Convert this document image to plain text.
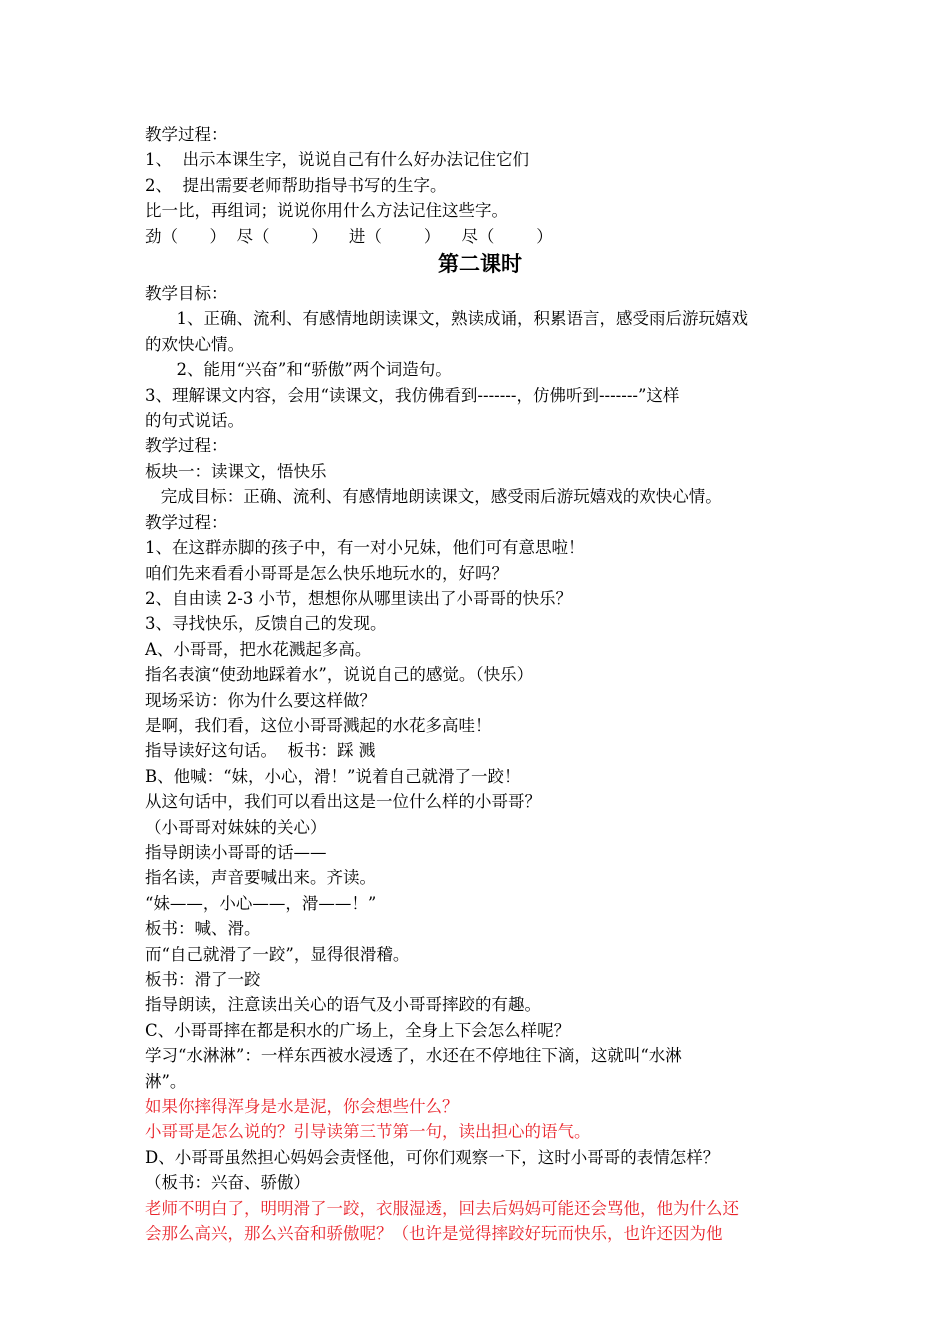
教学过程：
1、  出示本课生字，说说自己有什么好办法记住它们
2、  提出需要老师帮助指导书写的生字。
比一比，再组词；说说你用什么方法记住这些字。
劲（      ）  尽（        ）    进（        ）    尽（        ）
第二课时
教学目标：
1、正确、流利、有感情地朗读课文，熟读成诵，积累语言，感受雨后游玩嬉戏
的欢快心情。
2、能用“兴奋”和“骄傲”两个词造句。
3、理解课文内容，会用“读课文，我仿佛看到-------，仿佛听到-------”这样
的句式说话。
教学过程：
板块一：读课文，悟快乐
完成目标：正确、流利、有感情地朗读课文，感受雨后游玩嬉戏的欢快心情。
教学过程：
1、在这群赤脚的孩子中，有一对小兄妹，他们可有意思啦！
咱们先来看看小哥哥是怎么快乐地玩水的，好吗？
2、自由读 2-3 小节，想想你从哪里读出了小哥哥的快乐？
3、寻找快乐，反馈自己的发现。
A、小哥哥，把水花溅起多高。
指名表演“使劲地踩着水”，说说自己的感觉。（快乐）
现场采访：你为什么要这样做？
是啊，我们看，这位小哥哥溅起的水花多高哇！
指导读好这句话。  板书：踩 溅
B、他喊：“妹，小心，滑！”说着自己就滑了一跤！
从这句话中，我们可以看出这是一位什么样的小哥哥？
（小哥哥对妹妹的关心）
指导朗读小哥哥的话——
指名读，声音要喊出来。齐读。
“妹——，小心——，滑——！”
板书：喊、滑。
而“自己就滑了一跤”，显得很滑稽。
板书：滑了一跤
指导朗读，注意读出关心的语气及小哥哥摔跤的有趣。
C、小哥哥摔在都是积水的广场上，全身上下会怎么样呢？
学习“水淋淋”：一样东西被水浸透了，水还在不停地往下滴，这就叫“水淋
淋”。
如果你摔得浑身是水是泥，你会想些什么？
小哥哥是怎么说的？引导读第三节第一句，读出担心的语气。
D、小哥哥虽然担心妈妈会责怪他，可你们观察一下，这时小哥哥的表情怎样？
（板书：兴奋、骄傲）
老师不明白了，明明滑了一跤，衣服湿透，回去后妈妈可能还会骂他，他为什么还
会那么高兴，那么兴奋和骄傲呢？（也许是觉得摔跤好玩而快乐，也许还因为他
